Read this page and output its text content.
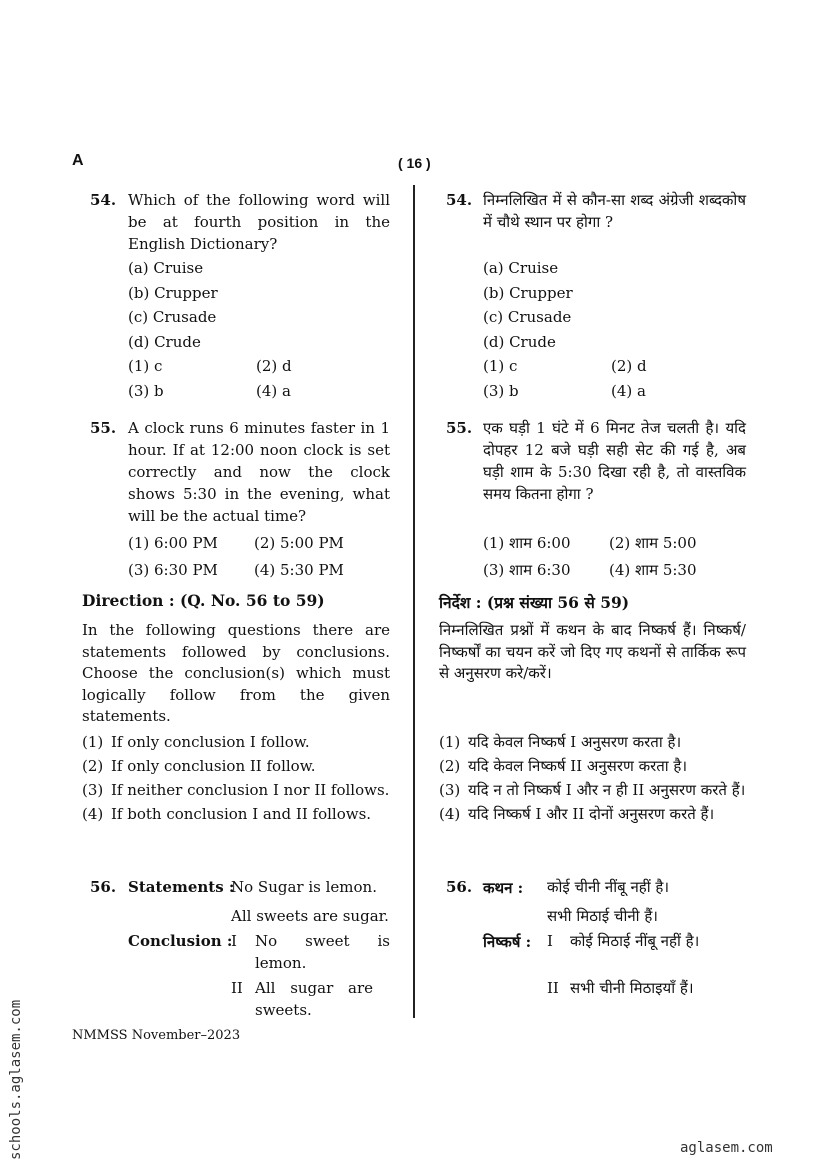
A	( 16 )
54. Which of the following word will be at fourth position in the English Dictionary?
(a) Cruise
(b) Crupper
(c) Crusade
(d) Crude
(1) c	(2) d
(3) b	(4) a
55. A clock runs 6 minutes faster in 1 hour. If at 12:00 noon clock is set correctly and now the clock shows 5:30 in the evening, what will be the actual time?
(1) 6:00 PM	(2) 5:00 PM
(3) 6:30 PM	(4) 5:30 PM
Direction : (Q. No. 56 to 59)
In the following questions there are statements followed by conclusions. Choose the conclusion(s) which must logically follow from the given statements.
(1) If only conclusion I follow.
(2) If only conclusion II follow.
(3) If neither conclusion I nor II follows.
(4) If both conclusion I and II follows.
56. Statements :
No Sugar is lemon.
All sweets are sugar.
Conclusion :
I No sweet is lemon.
II All sugar are sweets.
54. निम्नलिखित में से कौन-सा शब्द अंग्रेजी शब्दकोष में चौथे स्थान पर होगा ?
(a) Cruise
(b) Crupper
(c) Crusade
(d) Crude
(1) c	(2) d
(3) b	(4) a
55. एक घड़ी 1 घंटे में 6 मिनट तेज चलती है। यदि दोपहर 12 बजे घड़ी सही सेट की गई है, अब घड़ी शाम के 5:30 दिखा रही है, तो वास्तविक समय कितना होगा ?
(1) शाम 6:00	(2) शाम 5:00
(3) शाम 6:30	(4) शाम 5:30
निर्देश : (प्रश्न संख्या 56 से 59)
निम्नलिखित प्रश्नों में कथन के बाद निष्कर्ष हैं। निष्कर्ष/निष्कर्षों का चयन करें जो दिए गए कथनों से तार्किक रूप से अनुसरण करे/करें।
(1) यदि केवल निष्कर्ष I अनुसरण करता है।
(2) यदि केवल निष्कर्ष II अनुसरण करता है।
(3) यदि न तो निष्कर्ष I और न ही II अनुसरण करते हैं।
(4) यदि निष्कर्ष I और II दोनों अनुसरण करते हैं।
56. कथन : कोई चीनी नींबू नहीं है।
सभी मिठाई चीनी हैं।
निष्कर्ष : I कोई मिठाई नींबू नहीं है।
II सभी चीनी मिठाइयाँ हैं।
NMMSS November–2023
schools.aglasem.com	aglasem.com
